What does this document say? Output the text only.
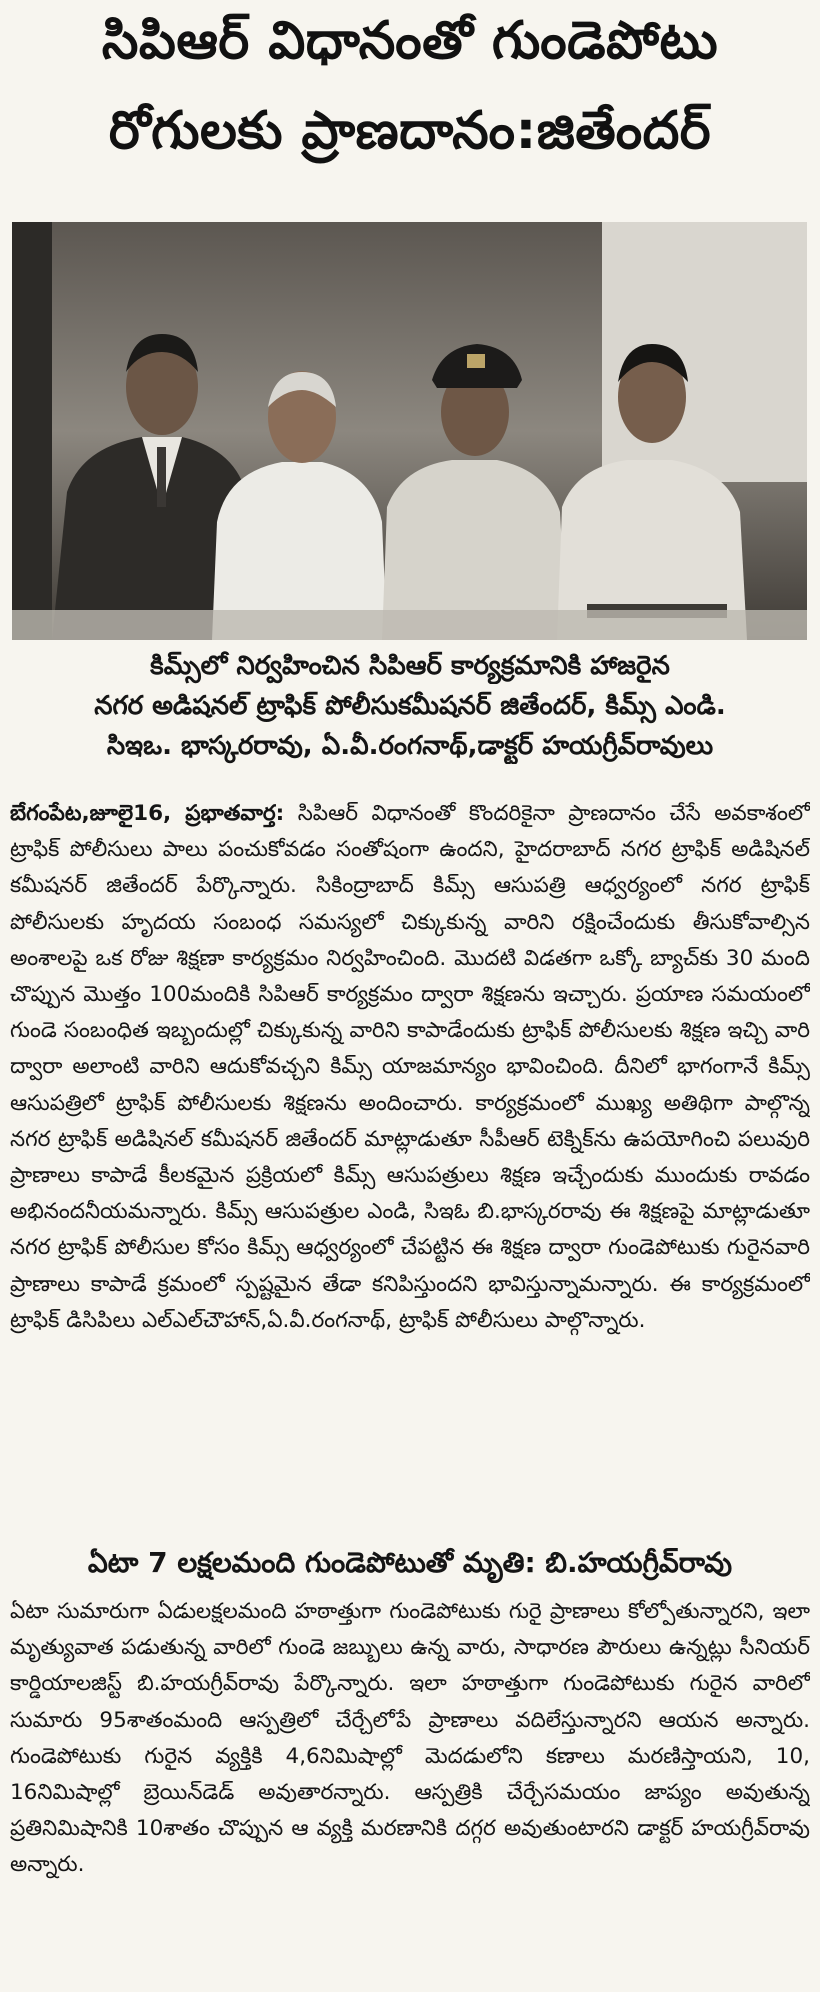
సిపిఆర్ విధానంతో గుండెపోటు
రోగులకు ప్రాణదానం:జితేందర్
కిమ్స్‌లో నిర్వహించిన సిపిఆర్ కార్యక్రమానికి హాజరైన
నగర అడిషనల్ ట్రాఫిక్ పోలీసుకమీషనర్ జితేందర్, కిమ్స్ ఎండి.
సిఇఒ. భాస్కరరావు, ఏ.వీ.రంగనాథ్,డాక్టర్ హయగ్రీవ్‌రావులు
బేగంపేట,జూలై16, ప్రభాతవార్త: సిపిఆర్ విధానంతో కొందరికైనా ప్రాణదానం చేసే అవకాశంలో ట్రాఫిక్ పోలీసులు పాలు పంచుకోవడం సంతోషంగా ఉందని, హైదరాబాద్ నగర ట్రాఫిక్ అడిషినల్ కమీషనర్ జితేందర్ పేర్కొన్నారు. సికింద్రాబాద్ కిమ్స్ ఆసుపత్రి ఆధ్వర్యంలో నగర ట్రాఫిక్ పోలీసులకు హృదయ సంబంధ సమస్యలో చిక్కుకున్న వారిని రక్షించేందుకు తీసుకోవాల్సిన అంశాలపై ఒక రోజు శిక్షణా కార్యక్రమం నిర్వహించింది. మొదటి విడతగా ఒక్కో బ్యాచ్‌కు 30 మంది చొప్పున మొత్తం 100మందికి సిపిఆర్ కార్యక్రమం ద్వారా శిక్షణను ఇచ్చారు. ప్రయాణ సమయంలో గుండె సంబంధిత ఇబ్బందుల్లో చిక్కుకున్న వారిని కాపాడేందుకు ట్రాఫిక్ పోలీసులకు శిక్షణ ఇచ్చి వారి ద్వారా అలాంటి వారిని ఆదుకోవచ్చని కిమ్స్ యాజమాన్యం భావించింది. దీనిలో భాగంగానే కిమ్స్ ఆసుపత్రిలో ట్రాఫిక్ పోలీసులకు శిక్షణను అందించారు. కార్యక్రమంలో ముఖ్య అతిథిగా పాల్గొన్న నగర ట్రాఫిక్ అడిషినల్ కమీషనర్ జితేందర్ మాట్లాడుతూ సీపీఆర్ టెక్నిక్‌ను ఉపయోగించి పలువురి ప్రాణాలు కాపాడే కీలకమైన ప్రక్రియలో కిమ్స్ ఆసుపత్రులు శిక్షణ ఇచ్చేందుకు ముందుకు రావడం అభినందనీయమన్నారు. కిమ్స్ ఆసుపత్రుల ఎండి, సిఇఓ బి.భాస్కరరావు ఈ శిక్షణపై మాట్లాడుతూ నగర ట్రాఫిక్ పోలీసుల కోసం కిమ్స్ ఆధ్వర్యంలో చేపట్టిన ఈ శిక్షణ ద్వారా గుండెపోటుకు గురైనవారి ప్రాణాలు కాపాడే క్రమంలో స్పష్టమైన తేడా కనిపిస్తుందని భావిస్తున్నామన్నారు. ఈ కార్యక్రమంలో ట్రాఫిక్ డిసిపిలు ఎల్ఎల్‌చౌహాన్,ఏ.వీ.రంగనాథ్, ట్రాఫిక్ పోలీసులు పాల్గొన్నారు.
ఏటా 7 లక్షలమంది గుండెపోటుతో మృతి: బి.హయగ్రీవ్‌రావు
ఏటా సుమారుగా ఏడులక్షలమంది హఠాత్తుగా గుండెపోటుకు గురై ప్రాణాలు కోల్పోతున్నారని, ఇలా మృత్యువాత పడుతున్న వారిలో గుండె జబ్బులు ఉన్న వారు, సాధారణ పౌరులు ఉన్నట్లు సీనియర్ కార్డియాలజిస్ట్ బి.హయగ్రీవ్‌రావు పేర్కొన్నారు. ఇలా హఠాత్తుగా గుండెపోటుకు గురైన వారిలో సుమారు 95శాతంమంది ఆస్పత్రిలో చేర్చేలోపే ప్రాణాలు వదిలేస్తున్నారని ఆయన అన్నారు. గుండెపోటుకు గురైన వ్యక్తికి 4,6నిమిషాల్లో మెదడులోని కణాలు మరణిస్తాయని, 10, 16నిమిషాల్లో బ్రెయిన్‌డెడ్ అవుతారన్నారు. ఆస్పత్రికి చేర్చేసమయం జాప్యం అవుతున్న ప్రతినిమిషానికి 10శాతం చొప్పున ఆ వ్యక్తి మరణానికి దగ్గర అవుతుంటారని డాక్టర్ హయగ్రీవ్‌రావు అన్నారు.
